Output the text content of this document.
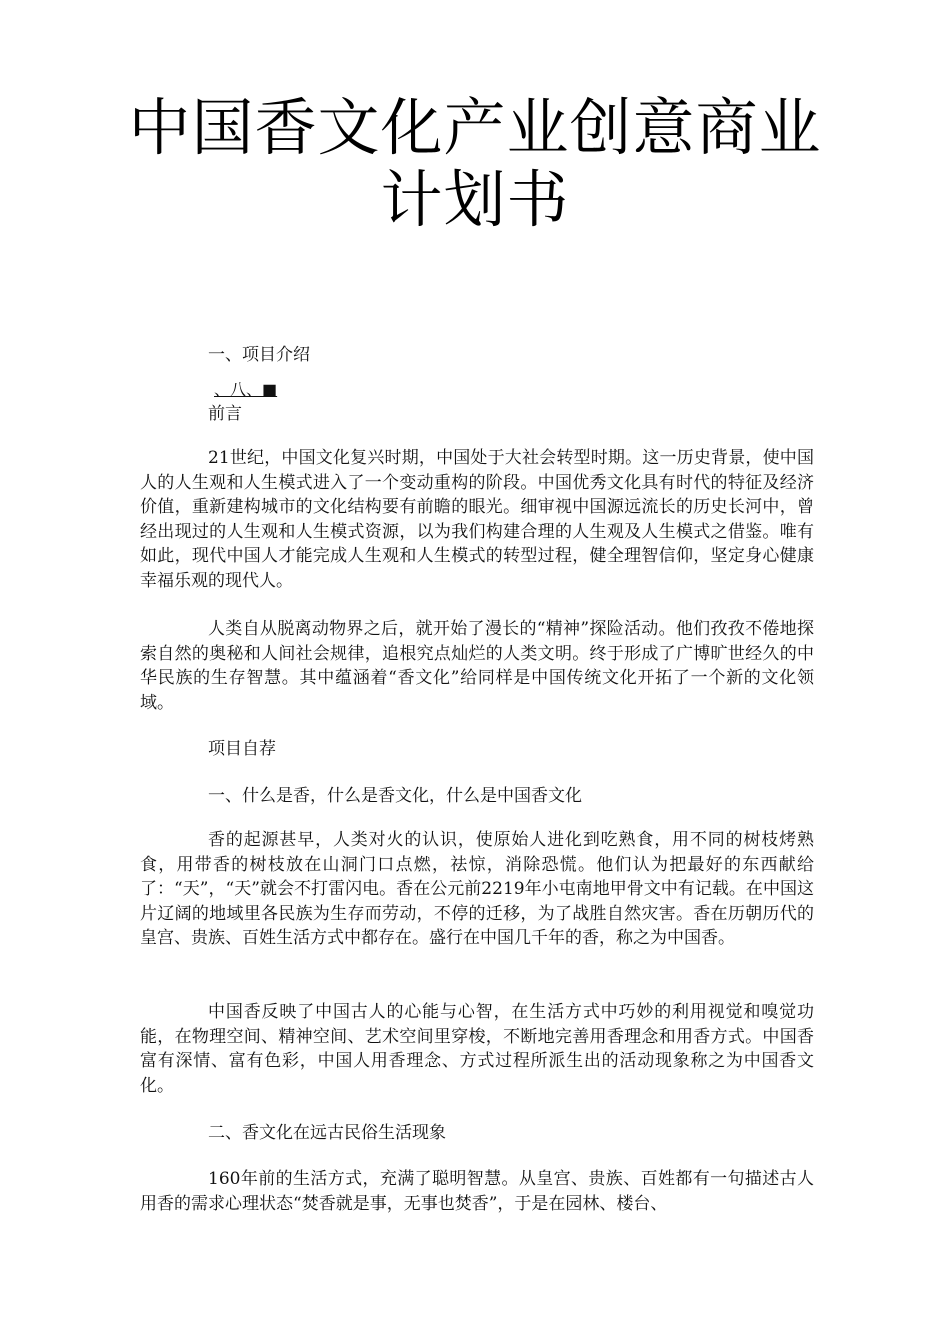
中国香文化产业创意商业
计划书
一、项目介绍
、八、■
前言

21世纪，中国文化复兴时期，中国处于大社会转型时期。这一历史背景，使中国人的人生观和人生模式进入了一个变动重构的阶段。中国优秀文化具有时代的特征及经济价值，重新建构城市的文化结构要有前瞻的眼光。细审视中国源远流长的历史长河中，曾经出现过的人生观和人生模式资源，以为我们构建合理的人生观及人生模式之借鉴。唯有如此，现代中国人才能完成人生观和人生模式的转型过程，健全理智信仰，坚定身心健康幸福乐观的现代人。

人类自从脱离动物界之后，就开始了漫长的“精神”探险活动。他们孜孜不倦地探索自然的奥秘和人间社会规律，追根究点灿烂的人类文明。终于形成了广博旷世经久的中华民族的生存智慧。其中蕴涵着“香文化”给同样是中国传统文化开拓了一个新的文化领域。

项目自荐
一、什么是香，什么是香文化，什么是中国香文化

香的起源甚早，人类对火的认识，使原始人进化到吃熟食，用不同的树枝烤熟食，用带香的树枝放在山洞门口点燃，祛惊，消除恐慌。他们认为把最好的东西献给了：“天”，“天”就会不打雷闪电。香在公元前2219年小屯南地甲骨文中有记载。在中国这片辽阔的地域里各民族为生存而劳动，不停的迁移，为了战胜自然灾害。香在历朝历代的皇宫、贵族、百姓生活方式中都存在。盛行在中国几千年的香，称之为中国香。

中国香反映了中国古人的心能与心智，在生活方式中巧妙的利用视觉和嗅觉功能，在物理空间、精神空间、艺术空间里穿梭，不断地完善用香理念和用香方式。中国香富有深情、富有色彩，中国人用香理念、方式过程所派生出的活动现象称之为中国香文化。

二、香文化在远古民俗生活现象

160年前的生活方式，充满了聪明智慧。从皇宫、贵族、百姓都有一句描述古人用香的需求心理状态“焚香就是事，无事也焚香”，于是在园林、楼台、
